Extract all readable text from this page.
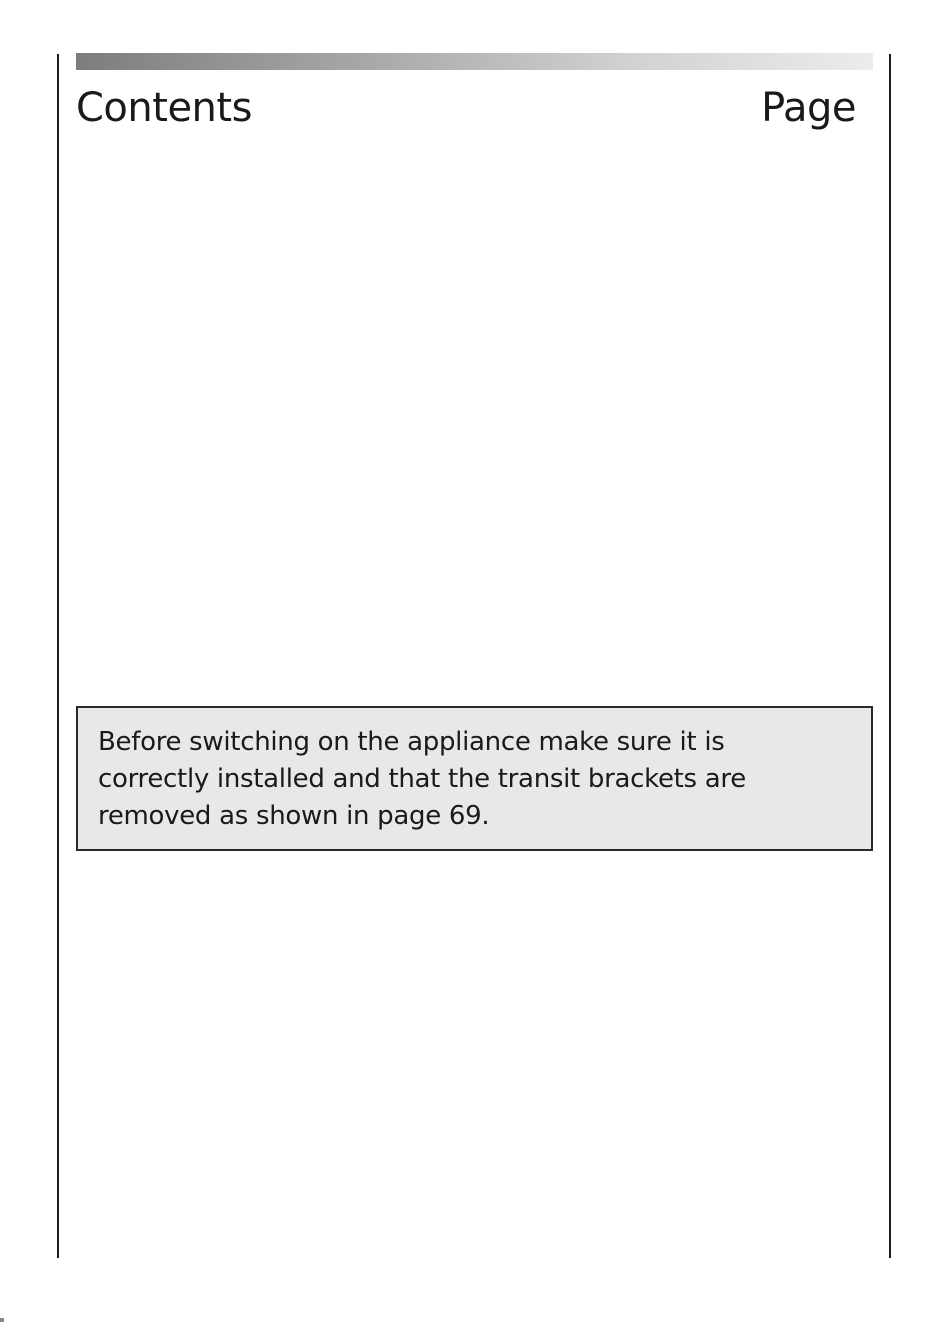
Contents	Page
Before switching on the appliance make sure it is
correctly installed and that the transit brackets are
removed as shown in page 69.
